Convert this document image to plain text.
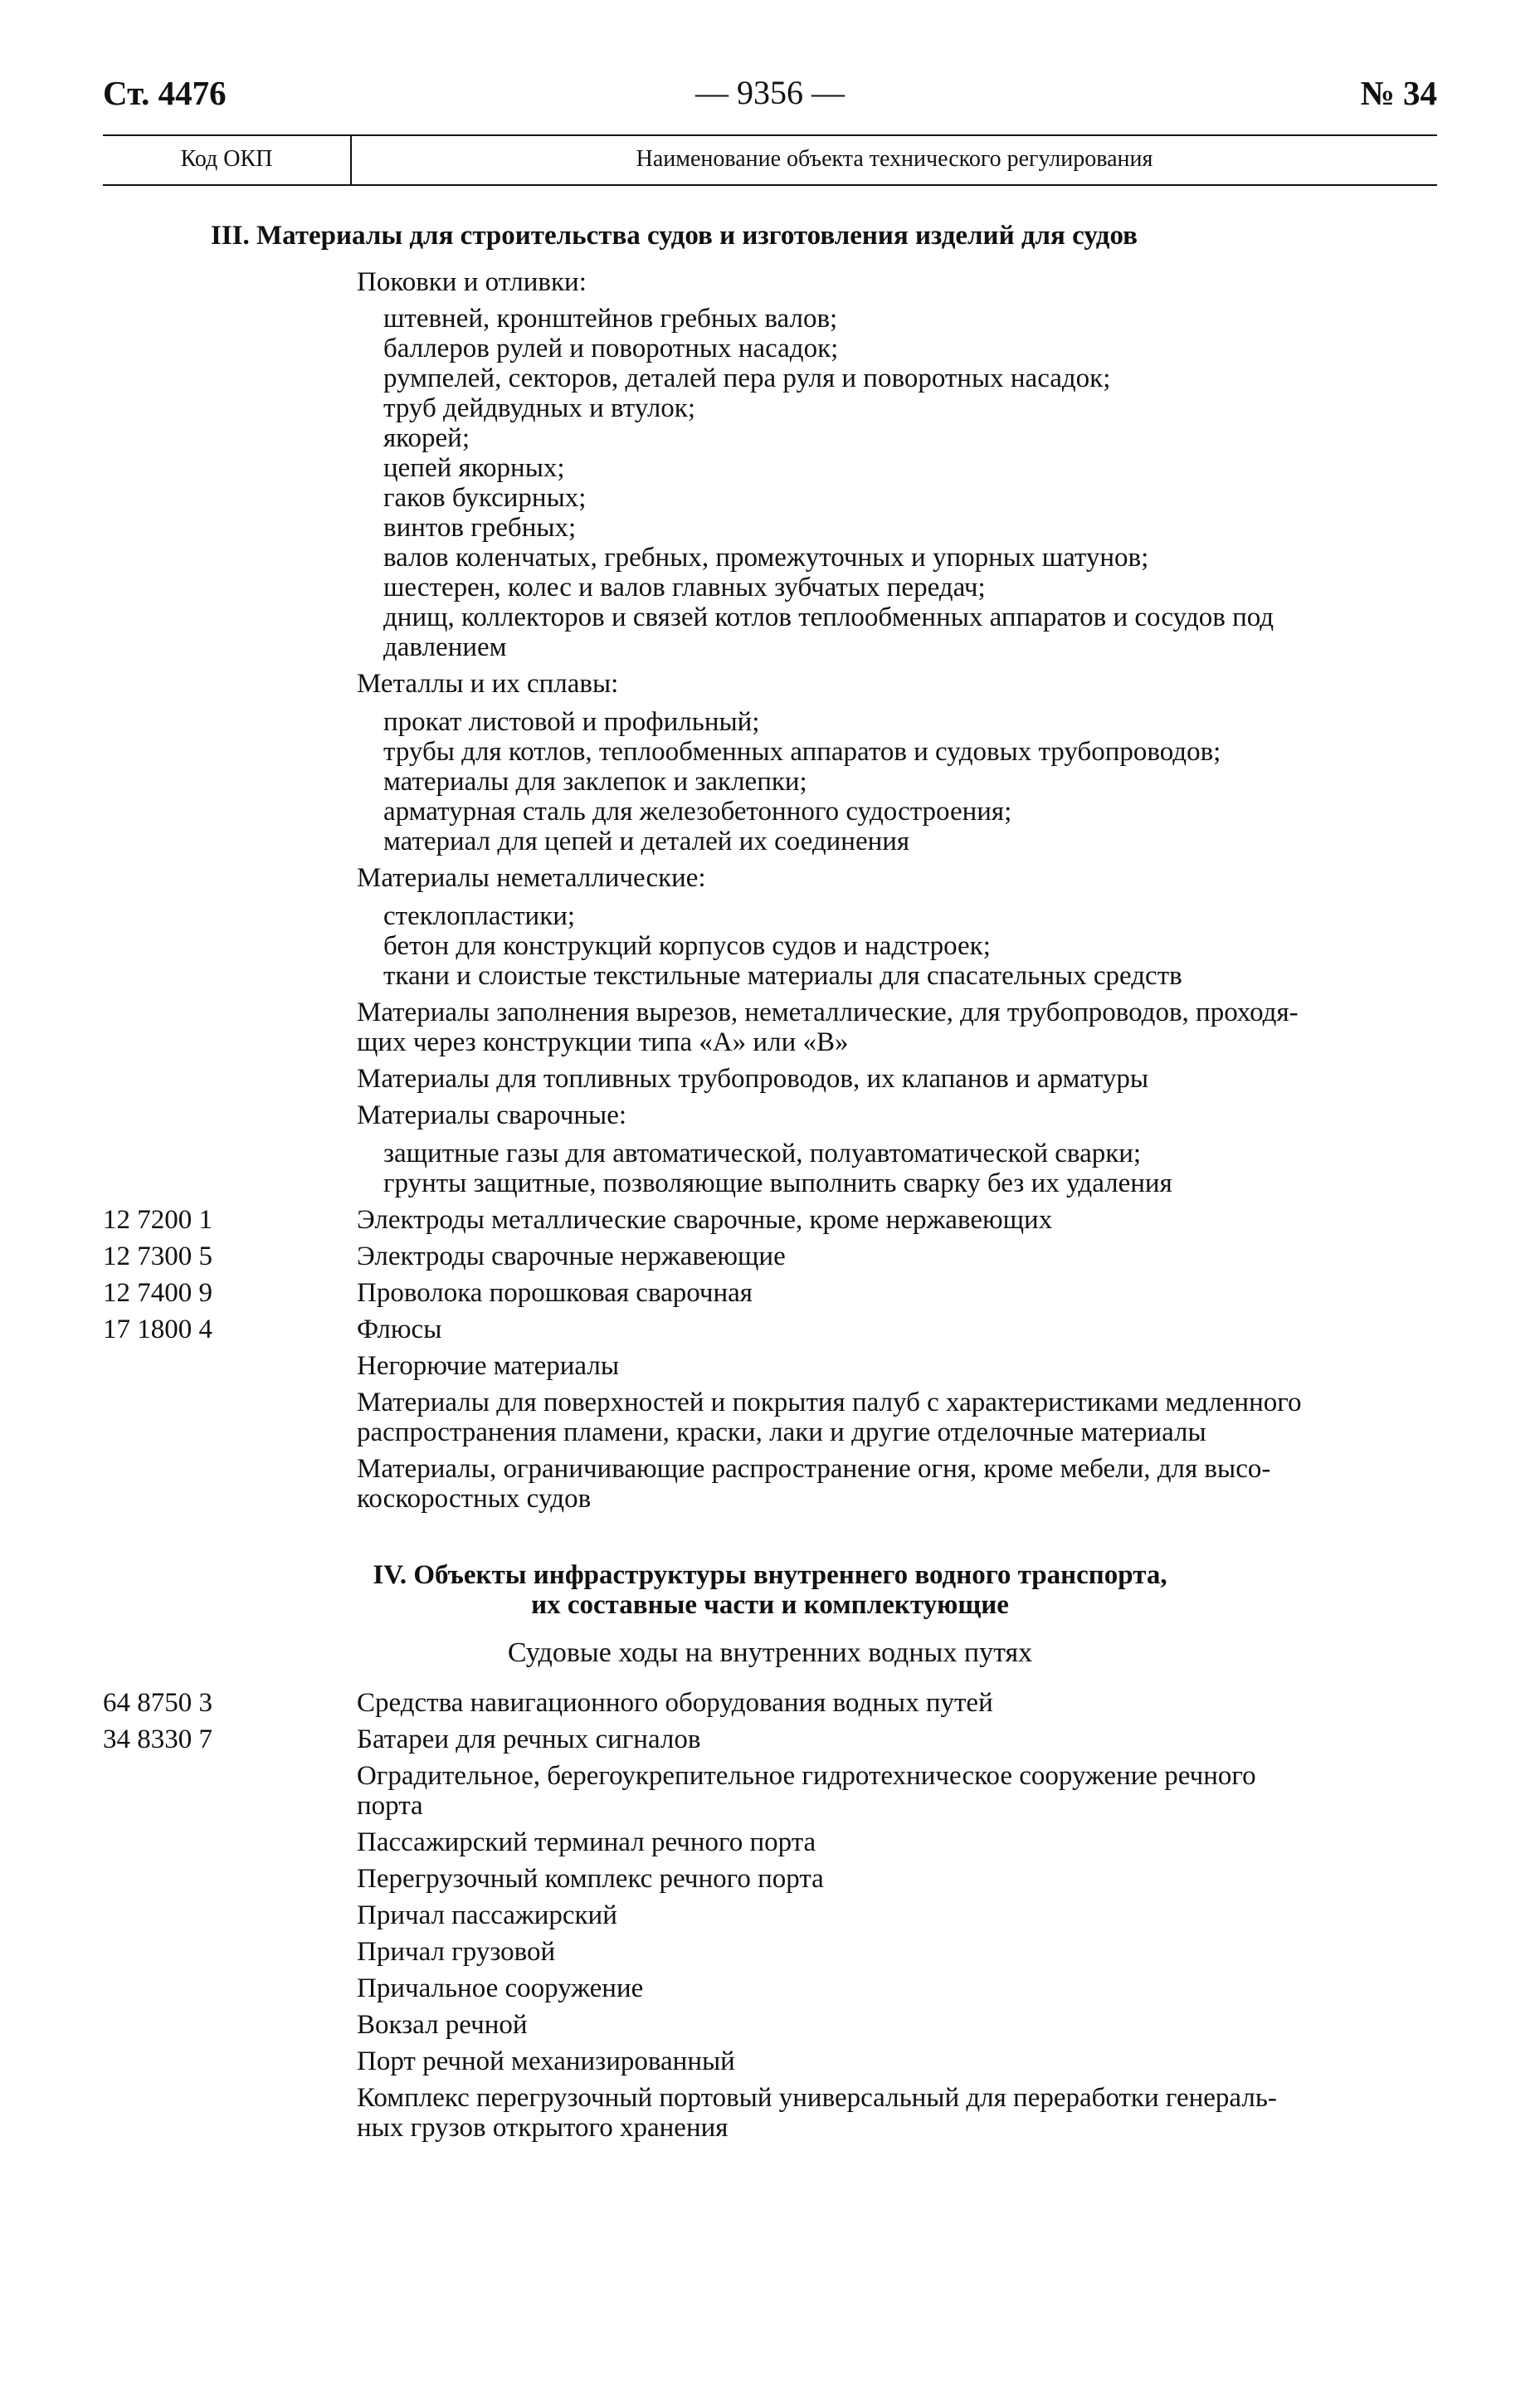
Ст. 4476	— 9356 —	№ 34
Код ОКП	Наименование объекта технического регулирования

III. Материалы для строительства судов и изготовления изделий для судов

Поковки и отливки:
штевней, кронштейнов гребных валов;
баллеров рулей и поворотных насадок;
румпелей, секторов, деталей пера руля и поворотных насадок;
труб дейдвудных и втулок;
якорей;
цепей якорных;
гаков буксирных;
винтов гребных;
валов коленчатых, гребных, промежуточных и упорных шатунов;
шестерен, колес и валов главных зубчатых передач;
днищ, коллекторов и связей котлов теплообменных аппаратов и сосудов под
давлением
Металлы и их сплавы:
прокат листовой и профильный;
трубы для котлов, теплообменных аппаратов и судовых трубопроводов;
материалы для заклепок и заклепки;
арматурная сталь для железобетонного судостроения;
материал для цепей и деталей их соединения
Материалы неметаллические:
стеклопластики;
бетон для конструкций корпусов судов и надстроек;
ткани и слоистые текстильные материалы для спасательных средств
Материалы заполнения вырезов, неметаллические, для трубопроводов, проходя-
щих через конструкции типа «А» или «В»
Материалы для топливных трубопроводов, их клапанов и арматуры
Материалы сварочные:
защитные газы для автоматической, полуавтоматической сварки;
грунты защитные, позволяющие выполнить сварку без их удаления
12 7200 1	Электроды металлические сварочные, кроме нержавеющих
12 7300 5	Электроды сварочные нержавеющие
12 7400 9	Проволока порошковая сварочная
17 1800 4	Флюсы
Негорючие материалы
Материалы для поверхностей и покрытия палуб с характеристиками медленного
распространения пламени, краски, лаки и другие отделочные материалы
Материалы, ограничивающие распространение огня, кроме мебели, для высо-
коскоростных судов

IV. Объекты инфраструктуры внутреннего водного транспорта,

их составные части и комплектующие

Судовые ходы на внутренних водных путях
64 8750 3	Средства навигационного оборудования водных путей
34 8330 7	Батареи для речных сигналов
Оградительное, берегоукрепительное гидротехническое сооружение речного
порта
Пассажирский терминал речного порта
Перегрузочный комплекс речного порта
Причал пассажирский
Причал грузовой
Причальное сооружение
Вокзал речной
Порт речной механизированный
Комплекс перегрузочный портовый универсальный для переработки генераль-
ных грузов открытого хранения
